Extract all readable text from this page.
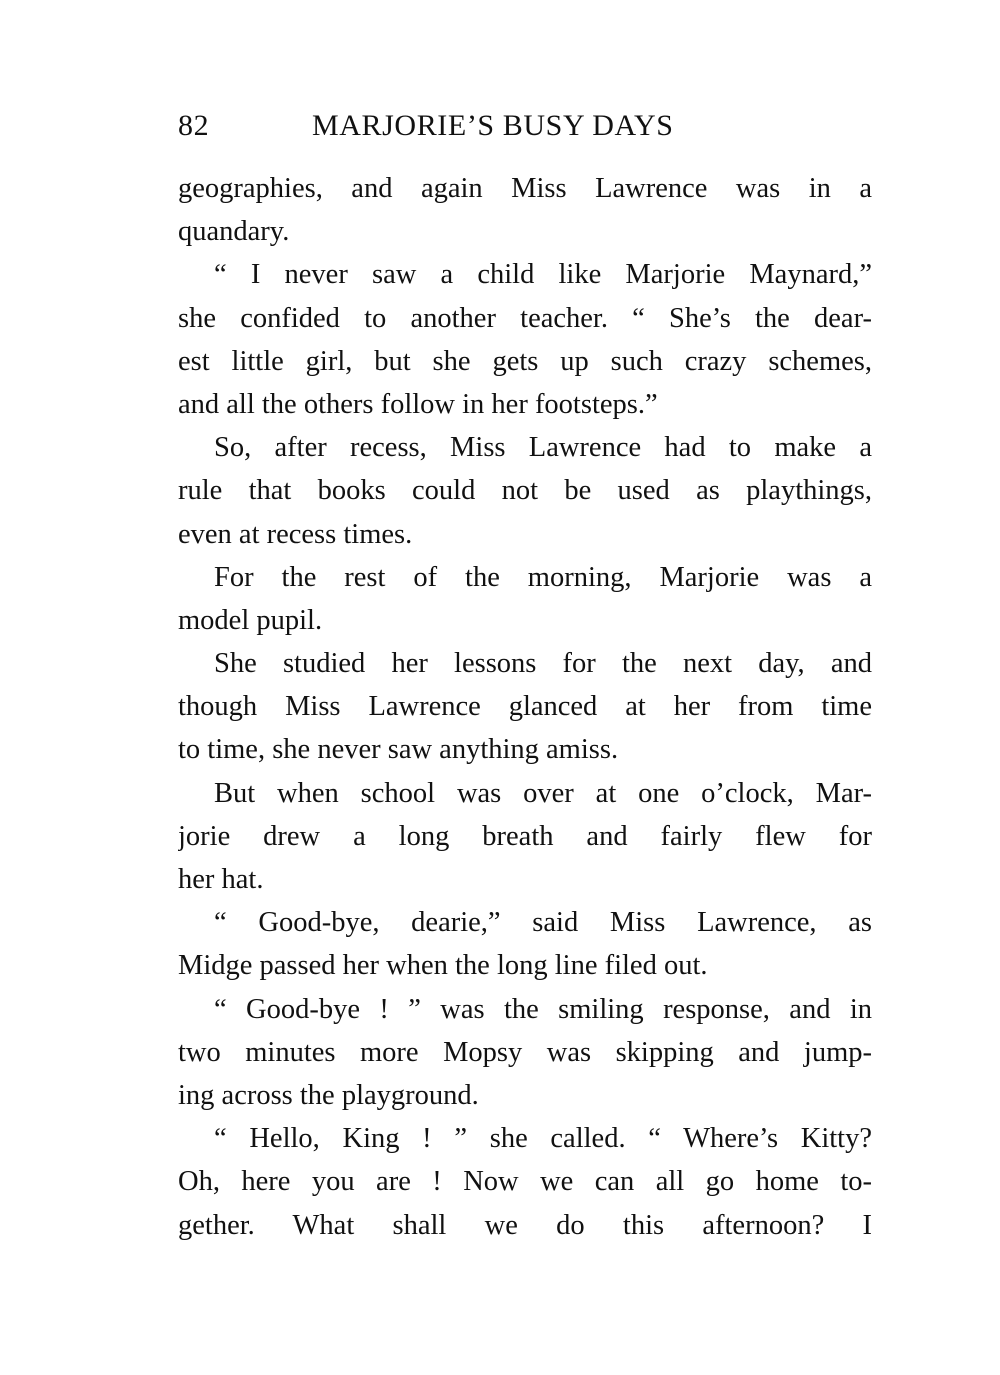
82	MARJORIE’S BUSY DAYS
geographies, and again Miss Lawrence was in a
quandary.
“ I never saw a child like Marjorie Maynard,”
she confided to another teacher. “ She’s the dear-
est little girl, but she gets up such crazy schemes,
and all the others follow in her footsteps.”
So, after recess, Miss Lawrence had to make a
rule that books could not be used as playthings,
even at recess times.
For the rest of the morning, Marjorie was a
model pupil.
She studied her lessons for the next day, and
though Miss Lawrence glanced at her from time
to time, she never saw anything amiss.
But when school was over at one o’clock, Mar-
jorie drew a long breath and fairly flew for
her hat.
“ Good-bye, dearie,” said Miss Lawrence, as
Midge passed her when the long line filed out.
“ Good-bye ! ” was the smiling response, and in
two minutes more Mopsy was skipping and jump-
ing across the playground.
“ Hello, King ! ” she called. “ Where’s Kitty?
Oh, here you are ! Now we can all go home to-
gether. What shall we do this afternoon? I
